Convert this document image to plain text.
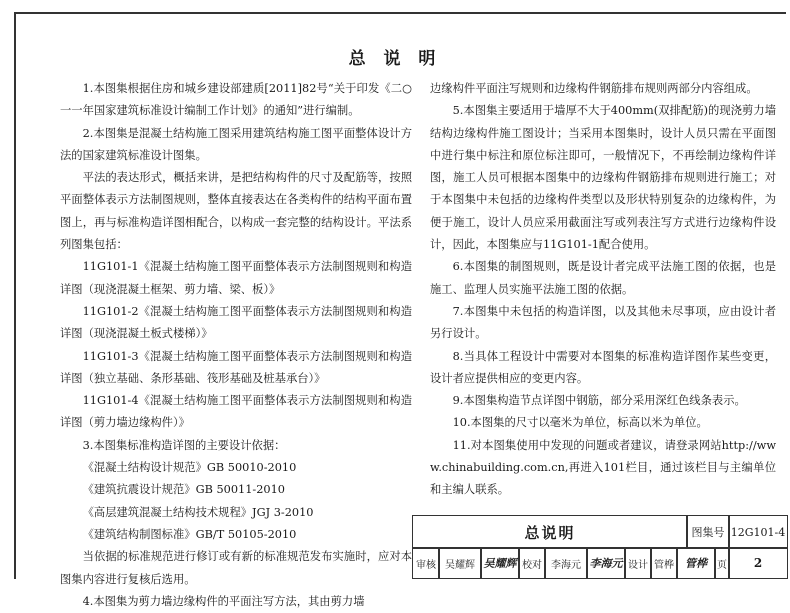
总 说 明

1.本图集根据住房和城乡建设部建质[2011]82号“关于印发《二○一一年国家建筑标准设计编制工作计划》的通知”进行编制。

2.本图集是混凝土结构施工图采用建筑结构施工图平面整体设计方法的国家建筑标准设计图集。

平法的表达形式，概括来讲，是把结构构件的尺寸及配筋等，按照平面整体表示方法制图规则，整体直接表达在各类构件的结构平面布置图上，再与标准构造详图相配合，以构成一套完整的结构设计。平法系列图集包括：

11G101-1《混凝土结构施工图平面整体表示方法制图规则和构造详图（现浇混凝土框架、剪力墙、梁、板）》

11G101-2《混凝土结构施工图平面整体表示方法制图规则和构造详图（现浇混凝土板式楼梯）》

11G101-3《混凝土结构施工图平面整体表示方法制图规则和构造详图（独立基础、条形基础、筏形基础及桩基承台）》

11G101-4《混凝土结构施工图平面整体表示方法制图规则和构造详图（剪力墙边缘构件）》

3.本图集标准构造详图的主要设计依据：

《混凝土结构设计规范》GB 50010-2010

《建筑抗震设计规范》GB 50011-2010

《高层建筑混凝土结构技术规程》JGJ 3-2010

《建筑结构制图标准》GB/T 50105-2010

当依据的标准规范进行修订或有新的标准规范发布实施时，应对本图集内容进行复核后选用。

4.本图集为剪力墙边缘构件的平面注写方法，其由剪力墙

边缘构件平面注写规则和边缘构件钢筋排布规则两部分内容组成。

5.本图集主要适用于墙厚不大于400mm(双排配筋)的现浇剪力墙结构边缘构件施工图设计；当采用本图集时，设计人员只需在平面图中进行集中标注和原位标注即可，一般情况下，不再绘制边缘构件详图，施工人员可根据本图集中的边缘构件钢筋排布规则进行施工；对于本图集中未包括的边缘构件类型以及形状特别复杂的边缘构件，为便于施工，设计人员应采用截面注写或列表注写方式进行边缘构件设计，因此，本图集应与11G101-1配合使用。

6.本图集的制图规则，既是设计者完成平法施工图的依据，也是施工、监理人员实施平法施工图的依据。

7.本图集中未包括的构造详图，以及其他未尽事项，应由设计者另行设计。

8.当具体工程设计中需要对本图集的标准构造详图作某些变更，设计者应提供相应的变更内容。

9.本图集构造节点详图中钢筋，部分采用深红色线条表示。

10.本图集的尺寸以毫米为单位，标高以米为单位。

11.对本图集使用中发现的问题或者建议，请登录网站http://www.chinabuilding.com.cn,再进入101栏目，通过该栏目与主编单位和主编人联系。

总说明	图集号 12G101-4
审核 吴耀辉 吴耀辉 校对 李海元 李海元 设计 管桦	管桦	页	2
